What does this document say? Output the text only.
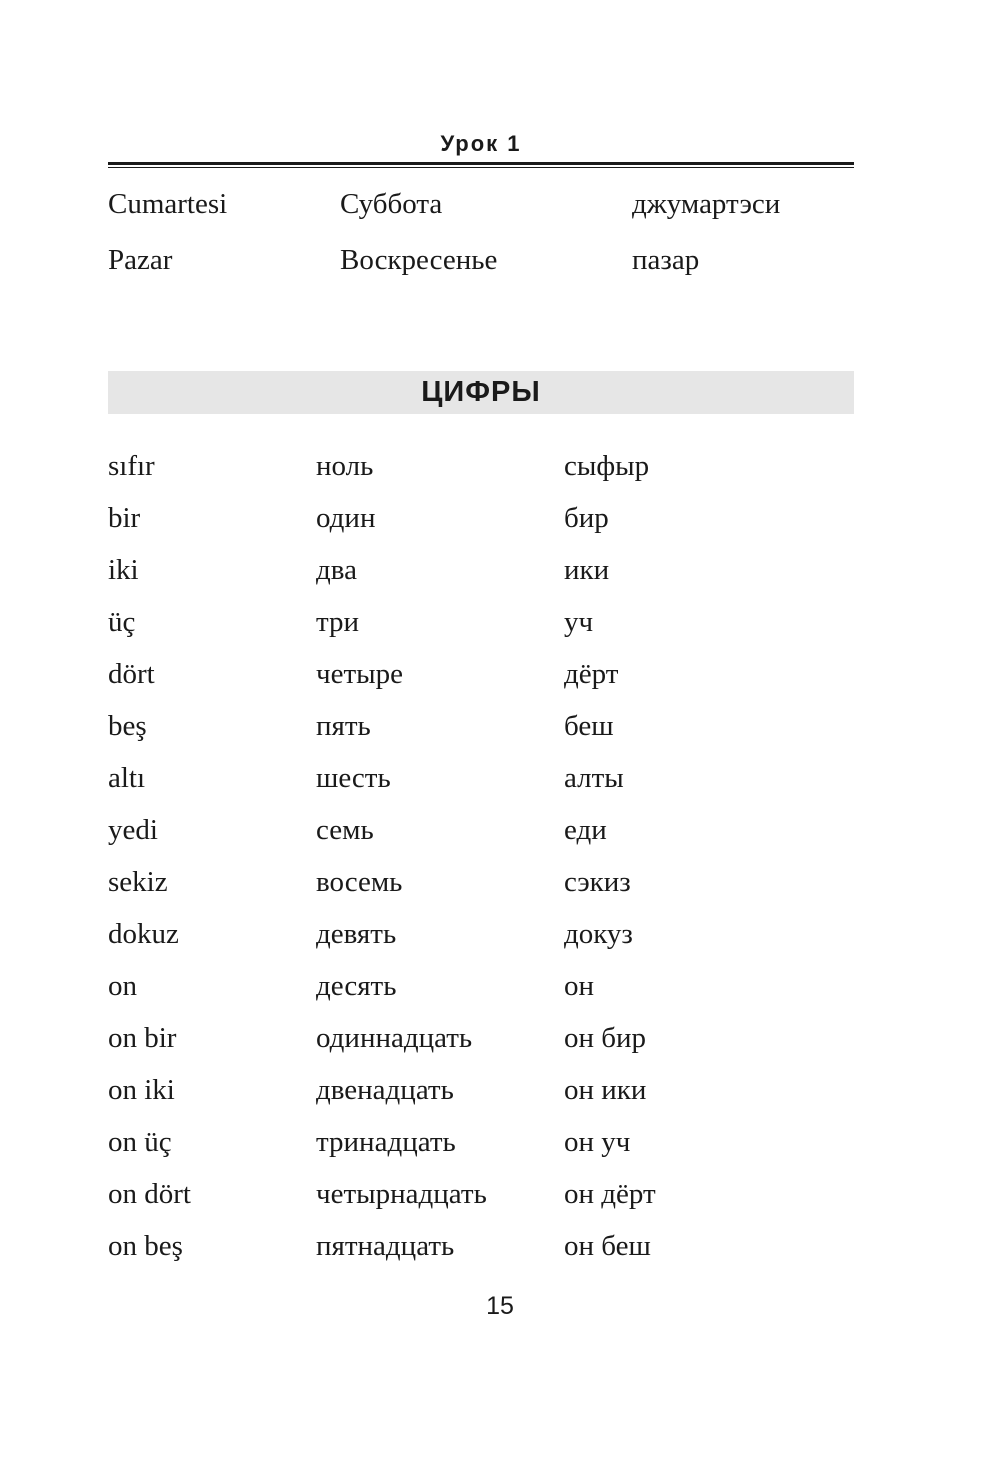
Урок 1
Cumartesi	Суббота	джумартэси
Pazar	Воскресенье	пазар
ЦИФРЫ
sıfır	ноль	сыфыр
bir	один	бир
iki	два	ики
üç	три	уч
dört	четыре	дёрт
beş	пять	беш
altı	шесть	алты
yedi	семь	еди
sekiz	восемь	сэкиз
dokuz	девять	докуз
on	десять	он
on bir	одиннадцать	он бир
on iki	двенадцать	он ики
on üç	тринадцать	он уч
on dört	четырнадцать	он дёрт
on beş	пятнадцать	он беш
15
